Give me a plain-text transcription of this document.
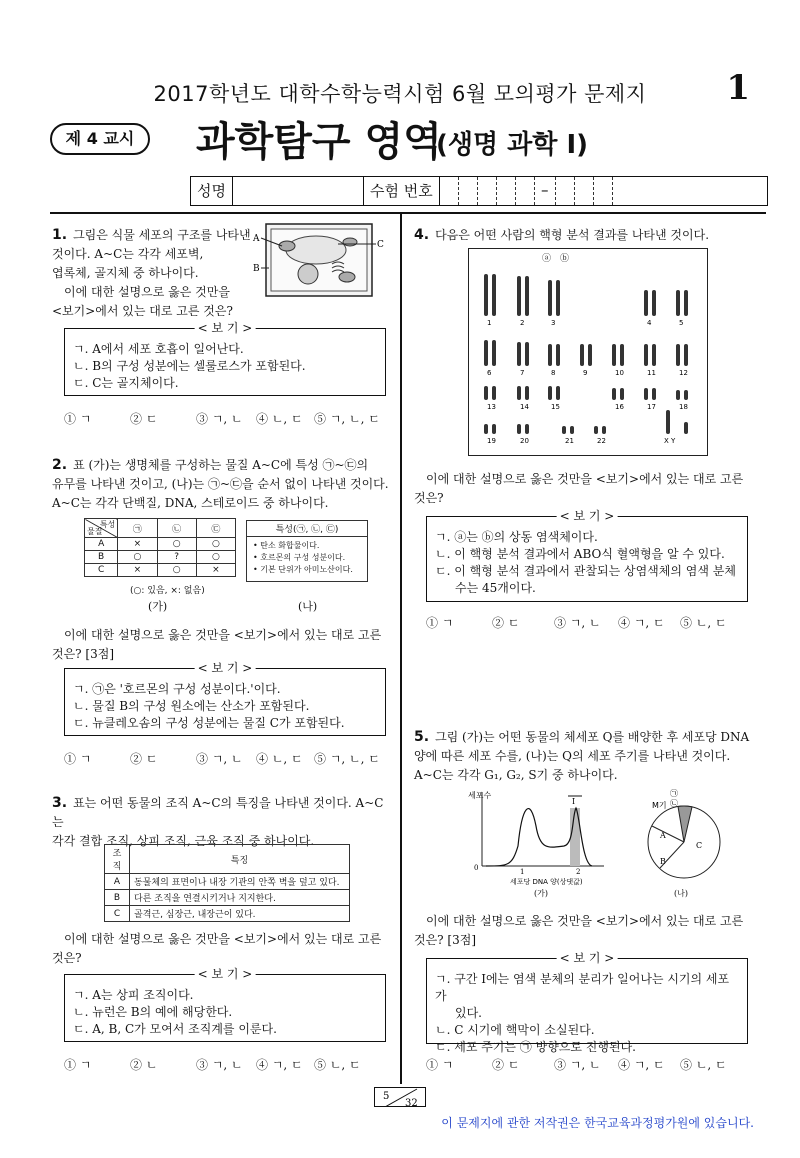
2017학년도 대학수학능력시험 6월 모의평가 문제지	1
제 4 교시	과학탐구 영역
(생명 과학 Ⅰ)
성명	수험 번호	–
1. 그림은 식물 세포의 구조를 나타낸
것이다. A~C는 각각 세포벽,
엽록체, 골지체 중 하나이다.
이에 대한 설명으로 옳은 것만을
<보기>에서 있는 대로 고른 것은?
A
B
C
< 보 기 >
ㄱ. A에서 세포 호흡이 일어난다.
ㄴ. B의 구성 성분에는 셀룰로스가 포함된다.
ㄷ. C는 골지체이다.
① ㄱ	② ㄷ	③ ㄱ, ㄴ	④ ㄴ, ㄷ ⑤ ㄱ, ㄴ, ㄷ
2. 표 (가)는 생명체를 구성하는 물질 A~C에 특성 ㉠~㉢의
유무를 나타낸 것이고, (나)는 ㉠~㉢을 순서 없이 나타낸 것이다.
A~C는 각각 단백질, DNA, 스테로이드 중 하나이다.
특성
물질	㉠	㉡	㉢
A	×	○	○
B	○	?	○
C	×	○	×
(○: 있음, ×: 없음)
특성(㉠, ㉡, ㉢)
• 탄소 화합물이다.
• 호르몬의 구성 성분이다.
• 기본 단위가 아미노산이다.
(가)	(나)
이에 대한 설명으로 옳은 것만을 <보기>에서 있는 대로 고른
것은? [3점]
< 보 기 >
ㄱ. ㉠은 '호르몬의 구성 성분이다.'이다.
ㄴ. 물질 B의 구성 원소에는 산소가 포함된다.
ㄷ. 뉴클레오솜의 구성 성분에는 물질 C가 포함된다.
① ㄱ	② ㄷ	③ ㄱ, ㄴ	④ ㄴ, ㄷ ⑤ ㄱ, ㄴ, ㄷ
3. 표는 어떤 동물의 조직 A~C의 특징을 나타낸 것이다. A~C는
각각 결합 조직, 상피 조직, 근육 조직 중 하나이다.
조직	특징
A	동물체의 표면이나 내장 기관의 안쪽 벽을 덮고 있다.
B	다른 조직을 연결시키거나 지지한다.
C	골격근, 심장근, 내장근이 있다.
이에 대한 설명으로 옳은 것만을 <보기>에서 있는 대로 고른
것은?
< 보 기 >
ㄱ. A는 상피 조직이다.
ㄴ. 뉴런은 B의 예에 해당한다.
ㄷ. A, B, C가 모여서 조직계를 이룬다.
① ㄱ	② ㄴ	③ ㄱ, ㄴ	④ ㄱ, ㄷ ⑤ ㄴ, ㄷ
4. 다음은 어떤 사람의 핵형 분석 결과를 나타낸 것이다.
ⓐ ⓑ
1	2	3	4	5
6	7	8	9	10	11	12
13	14	15	16	17	18
19	20	21	22	X Y
이에 대한 설명으로 옳은 것만을 <보기>에서 있는 대로 고른
것은?
< 보 기 >
ㄱ. ⓐ는 ⓑ의 상동 염색체이다.
ㄴ. 이 핵형 분석 결과에서 ABO식 혈액형을 알 수 있다.
ㄷ. 이 핵형 분석 결과에서 관찰되는 상염색체의 염색 분체
수는 45개이다.
① ㄱ	② ㄷ	③ ㄱ, ㄴ	④ ㄱ, ㄷ	⑤ ㄴ, ㄷ
5. 그림 (가)는 어떤 동물의 체세포 Q를 배양한 후 세포당 DNA
양에 따른 세포 수를, (나)는 Q의 세포 주기를 나타낸 것이다.
A~C는 각각 G₁, G₂, S기 중 하나이다.
세포수
Ⅰ
0	1	2
세포당 DNA 양(상댓값)
(가)
㉠
M기 ㉡
A
B
C
(나)
이에 대한 설명으로 옳은 것만을 <보기>에서 있는 대로 고른
것은? [3점]
< 보 기 >
ㄱ. 구간 Ⅰ에는 염색 분체의 분리가 일어나는 시기의 세포가
있다.
ㄴ. C 시기에 핵막이 소실된다.
ㄷ. 세포 주기는 ㉠ 방향으로 진행된다.
① ㄱ	② ㄷ	③ ㄱ, ㄴ	④ ㄱ, ㄷ	⑤ ㄴ, ㄷ
5
32
이 문제지에 관한 저작권은 한국교육과정평가원에 있습니다.
